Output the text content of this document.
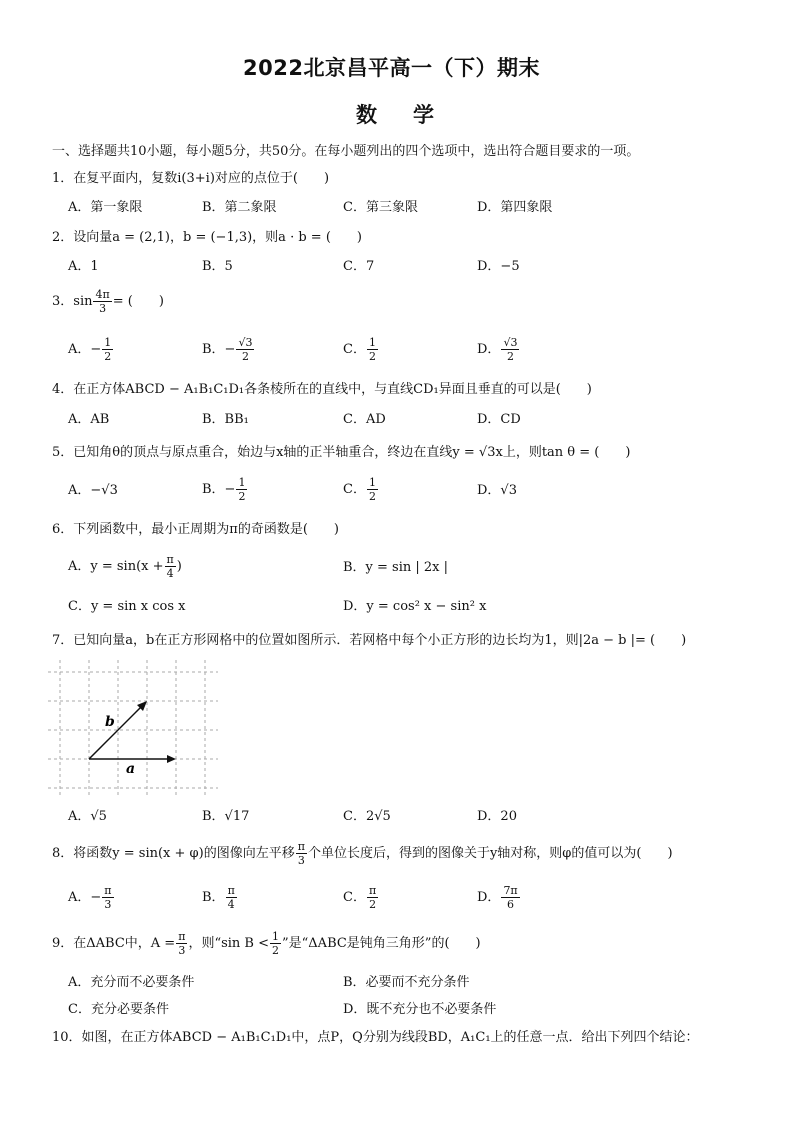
2022北京昌平高一（下）期末
数学
一、选择题共10小题，每小题5分，共50分。在每小题列出的四个选项中，选出符合题目要求的一项。
1．在复平面内，复数i(3+i)对应的点位于(　　)
A．第一象限	B．第二象限	C．第三象限	D．第四象限
2．设向量a = (2,1)，b = (−1,3)，则a · b = (　　)
A．1	B．5	C．7	D．−5
3．$\sin \frac{4\pi}{3}$ = (　　)
A．− $\frac{1}{2}$	B．− $\frac{√3}{2}$	C． $\frac{1}{2}$	D． $\frac{√3}{2}$
4．在正方体ABCD − A₁B₁C₁D₁各条棱所在的直线中，与直线CD₁异面且垂直的可以是(　　)
A．AB	B．BB₁	C．AD	D．CD
5．已知角θ的顶点与原点重合，始边与x轴的正半轴重合，终边在直线y = √3x上，则tan θ = (　　)
A．−√3	B．− $\frac{1}{2}$	C． $\frac{1}{2}$	D．√3
6．下列函数中，最小正周期为π的奇函数是(　　)
A．$y = \sin(x + \frac{\pi}{4}$ )	B．y = sin | 2x |
C．y = sin x cos x	D．y = cos² x − sin² x
7．已知向量a，b在正方形网格中的位置如图所示．若网格中每个小正方形的边长均为1，则|2a − b |= (　　)
b
a
A．√5	B．√17	C．2√5	D．20
8．将函数y = sin(x + φ)的图像向左平移 $\frac{\pi}{3}$ 个单位长度后，得到的图像关于y轴对称，则φ的值可以为(　　)
A．− $\frac{\pi}{3}$	B． $\frac{\pi}{4}$	C． $\frac{\pi}{2}$	D． $\frac{7\pi}{6}$
9．在ΔABC中，$A = \frac{\pi}{3}$ ，则“sin $B < \frac{1}{2}$ ”是“ΔABC是钝角三角形”的(　　)
A．充分而不必要条件	B．必要而不充分条件
C．充分必要条件	D．既不充分也不必要条件
10．如图，在正方体ABCD − A₁B₁C₁D₁中，点P，Q分别为线段BD，A₁C₁上的任意一点．给出下列四个结论：
